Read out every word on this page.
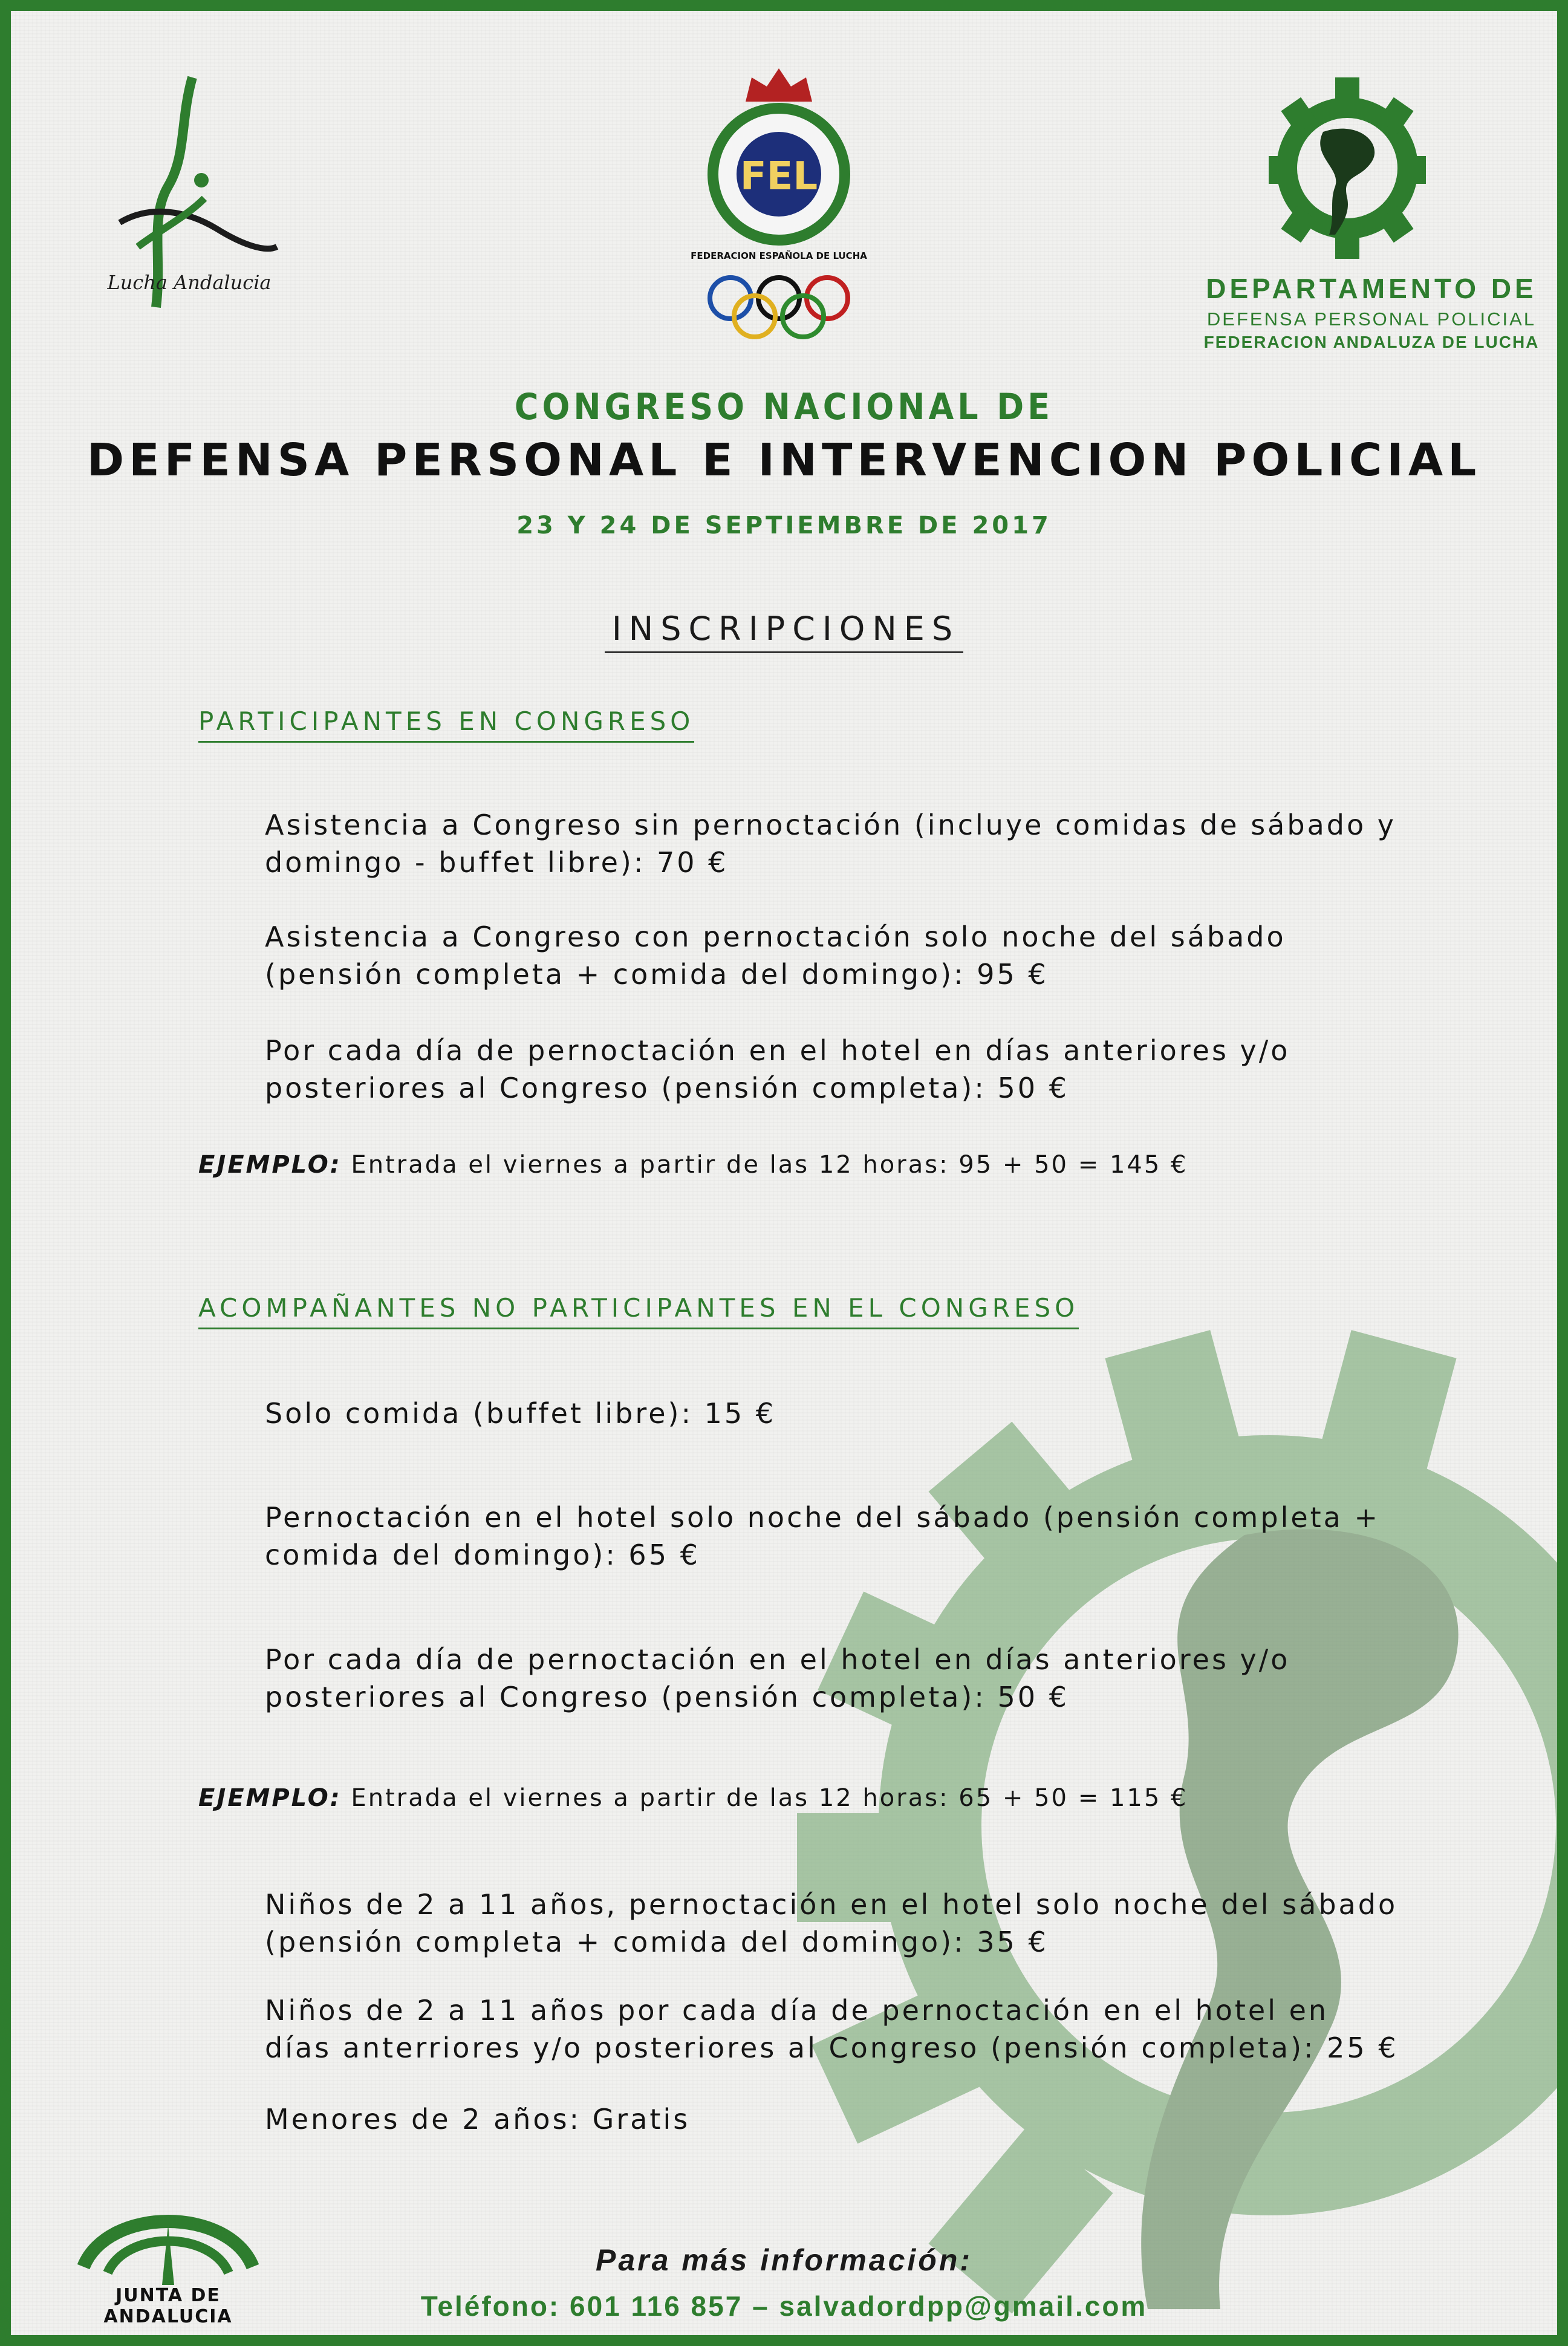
Lucha Andalucia
FEL
FEDERACION ESPAÑOLA DE LUCHA
DEPARTAMENTO DE
DEFENSA PERSONAL POLICIAL
FEDERACION ANDALUZA DE LUCHA
CONGRESO NACIONAL DE
DEFENSA PERSONAL E INTERVENCION POLICIAL
23 Y 24 DE SEPTIEMBRE DE 2017
INSCRIPCIONES
PARTICIPANTES EN CONGRESO
Asistencia a Congreso sin pernoctación (incluye comidas de sábado y domingo - buffet libre): 70 €
Asistencia a Congreso con pernoctación solo noche del sábado (pensión completa + comida del domingo): 95 €
Por cada día de pernoctación en el hotel en días anteriores y/o posteriores al Congreso (pensión completa): 50 €
EJEMPLO: Entrada el viernes a partir de las 12 horas: 95 + 50 = 145 €
ACOMPAÑANTES NO PARTICIPANTES EN EL CONGRESO
Solo comida (buffet libre): 15 €
Pernoctación en el hotel solo noche del sábado (pensión completa + comida del domingo): 65 €
Por cada día de pernoctación en el hotel en días anteriores y/o posteriores al Congreso (pensión completa): 50 €
EJEMPLO: Entrada el viernes a partir de las 12 horas: 65 + 50 = 115 €
Niños de 2 a 11 años, pernoctación en el hotel solo noche del sábado (pensión completa + comida del domingo): 35 €
Niños de 2 a 11 años por cada día de pernoctación en el hotel en días anterriores y/o posteriores al Congreso (pensión completa): 25 €
Menores de 2 años: Gratis
JUNTA DE ANDALUCIA
Para más información:
Teléfono: 601 116 857 – salvadordpp@gmail.com
